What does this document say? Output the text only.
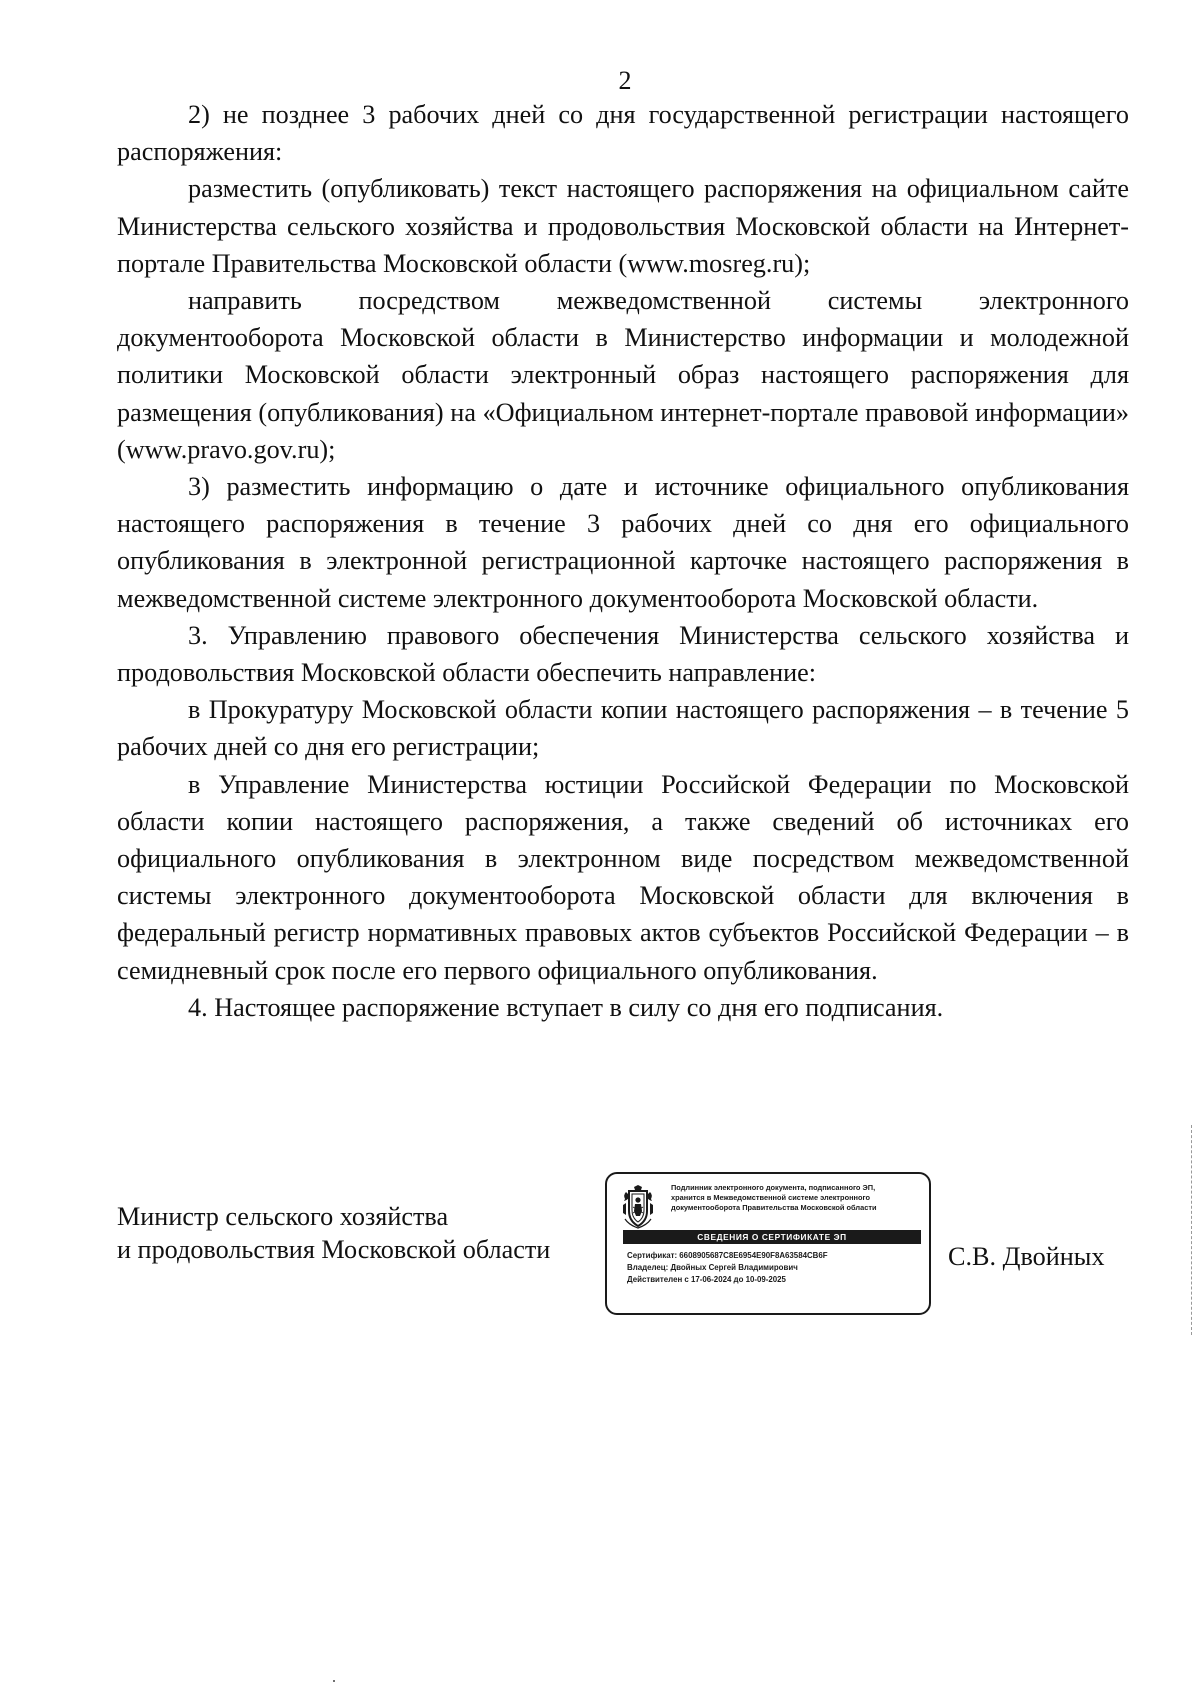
2

2) не позднее 3 рабочих дней со дня государственной регистрации настоящего распоряжения:

разместить (опубликовать) текст настоящего распоряжения на официальном сайте Министерства сельского хозяйства и продовольствия Московской области на Интернет-портале Правительства Московской области (www.mosreg.ru);

направить посредством межведомственной системы электронного документооборота Московской области в Министерство информации и молодежной политики Московской области электронный образ настоящего распоряжения для размещения (опубликования) на «Официальном интернет-портале правовой информации» (www.pravo.gov.ru);

3) разместить информацию о дате и источнике официального опубликования настоящего распоряжения в течение 3 рабочих дней со дня его официального опубликования в электронной регистрационной карточке настоящего распоряжения в межведомственной системе электронного документооборота Московской области.

3. Управлению правового обеспечения Министерства сельского хозяйства и продовольствия Московской области обеспечить направление:

в Прокуратуру Московской области копии настоящего распоряжения – в течение 5 рабочих дней со дня его регистрации;

в Управление Министерства юстиции Российской Федерации по Московской области копии настоящего распоряжения, а также сведений об источниках его официального опубликования в электронном виде посредством межведомственной системы электронного документооборота Московской области для включения в федеральный регистр нормативных правовых актов субъектов Российской Федерации – в семидневный срок после его первого официального опубликования.

4. Настоящее распоряжение вступает в силу со дня его подписания.

Министр сельского хозяйства
и продовольствия Московской области
Подлинник электронного документа, подписанного ЭП,
хранится в Межведомственной системе электронного
документооборота Правительства Московской области
СВЕДЕНИЯ О СЕРТИФИКАТЕ ЭП
Сертификат: 6608905687C8E6954E90F8A63584CB6F
Владелец: Двойных Сергей Владимирович
Действителен с 17-06-2024 до 10-09-2025
С.В. Двойных
